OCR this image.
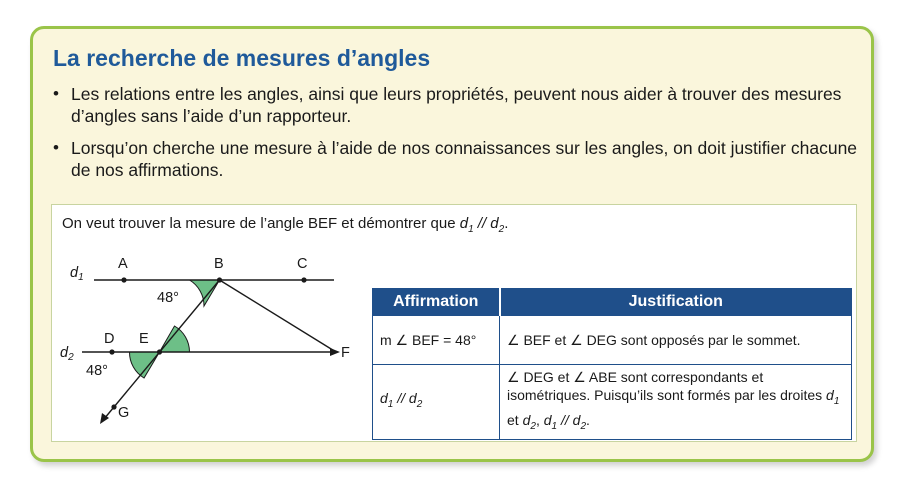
La recherche de mesures d’angles
• Les relations entre les angles, ainsi que leurs propriétés, peuvent nous aider à trouver des mesures d’angles sans l’aide d’un rapporteur.
• Lorsqu’on cherche une mesure à l’aide de nos connaissances sur les angles, on doit justifier chacune de nos affirmations.
On veut trouver la mesure de l’angle BEF et démontrer que $d_1 // d_2$.
$d_1$
A	B	C
48°
$d_2$
D E
F
48°
G
Affirmation	Justification
m ∠ BEF = 48°	∠ BEF et ∠ DEG sont opposés par le sommet.
$d_1 // d_2$	∠ DEG et ∠ ABE sont correspondants et isométriques. Puisqu’ils sont formés par les droites $d_1$ et $d_2$, $d_1 // d_2$.
